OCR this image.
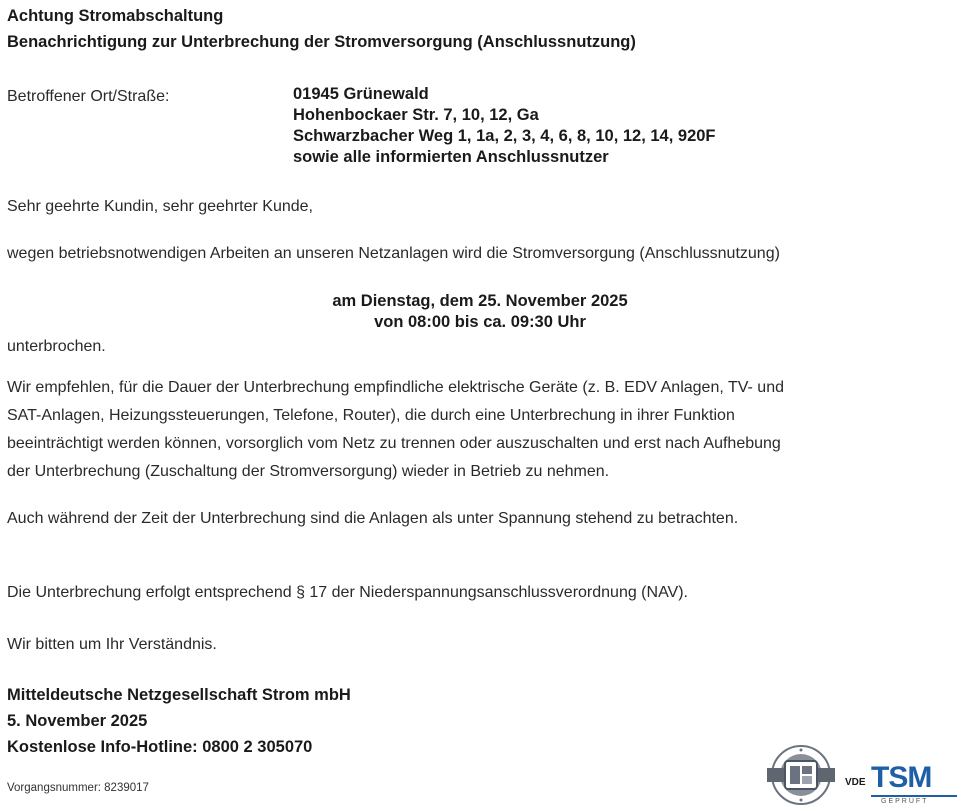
Achtung Stromabschaltung
Benachrichtigung zur Unterbrechung der Stromversorgung (Anschlussnutzung)
Betroffener Ort/Straße:	01945 Grünewald
Hohenbockaer Str. 7, 10, 12, Ga
Schwarzbacher Weg 1, 1a, 2, 3, 4, 6, 8, 10, 12, 14, 920F
sowie alle informierten Anschlussnutzer
Sehr geehrte Kundin, sehr geehrter Kunde,
wegen betriebsnotwendigen Arbeiten an unseren Netzanlagen wird die Stromversorgung (Anschlussnutzung)
am Dienstag, dem 25. November 2025
von 08:00 bis ca. 09:30 Uhr
unterbrochen.
Wir empfehlen, für die Dauer der Unterbrechung empfindliche elektrische Geräte (z. B. EDV Anlagen, TV- und
SAT-Anlagen, Heizungssteuerungen, Telefone, Router), die durch eine Unterbrechung in ihrer Funktion
beeinträchtigt werden können, vorsorglich vom Netz zu trennen oder auszuschalten und erst nach Aufhebung
der Unterbrechung (Zuschaltung der Stromversorgung) wieder in Betrieb zu nehmen.
Auch während der Zeit der Unterbrechung sind die Anlagen als unter Spannung stehend zu betrachten.
Die Unterbrechung erfolgt entsprechend § 17 der Niederspannungsanschlussverordnung (NAV).
Wir bitten um Ihr Verständnis.
Mitteldeutsche Netzgesellschaft Strom mbH
5. November 2025
Kostenlose Info-Hotline: 0800 2 305070
Vorgangsnummer: 8239017	VDE TSM
GEPRÜFT
